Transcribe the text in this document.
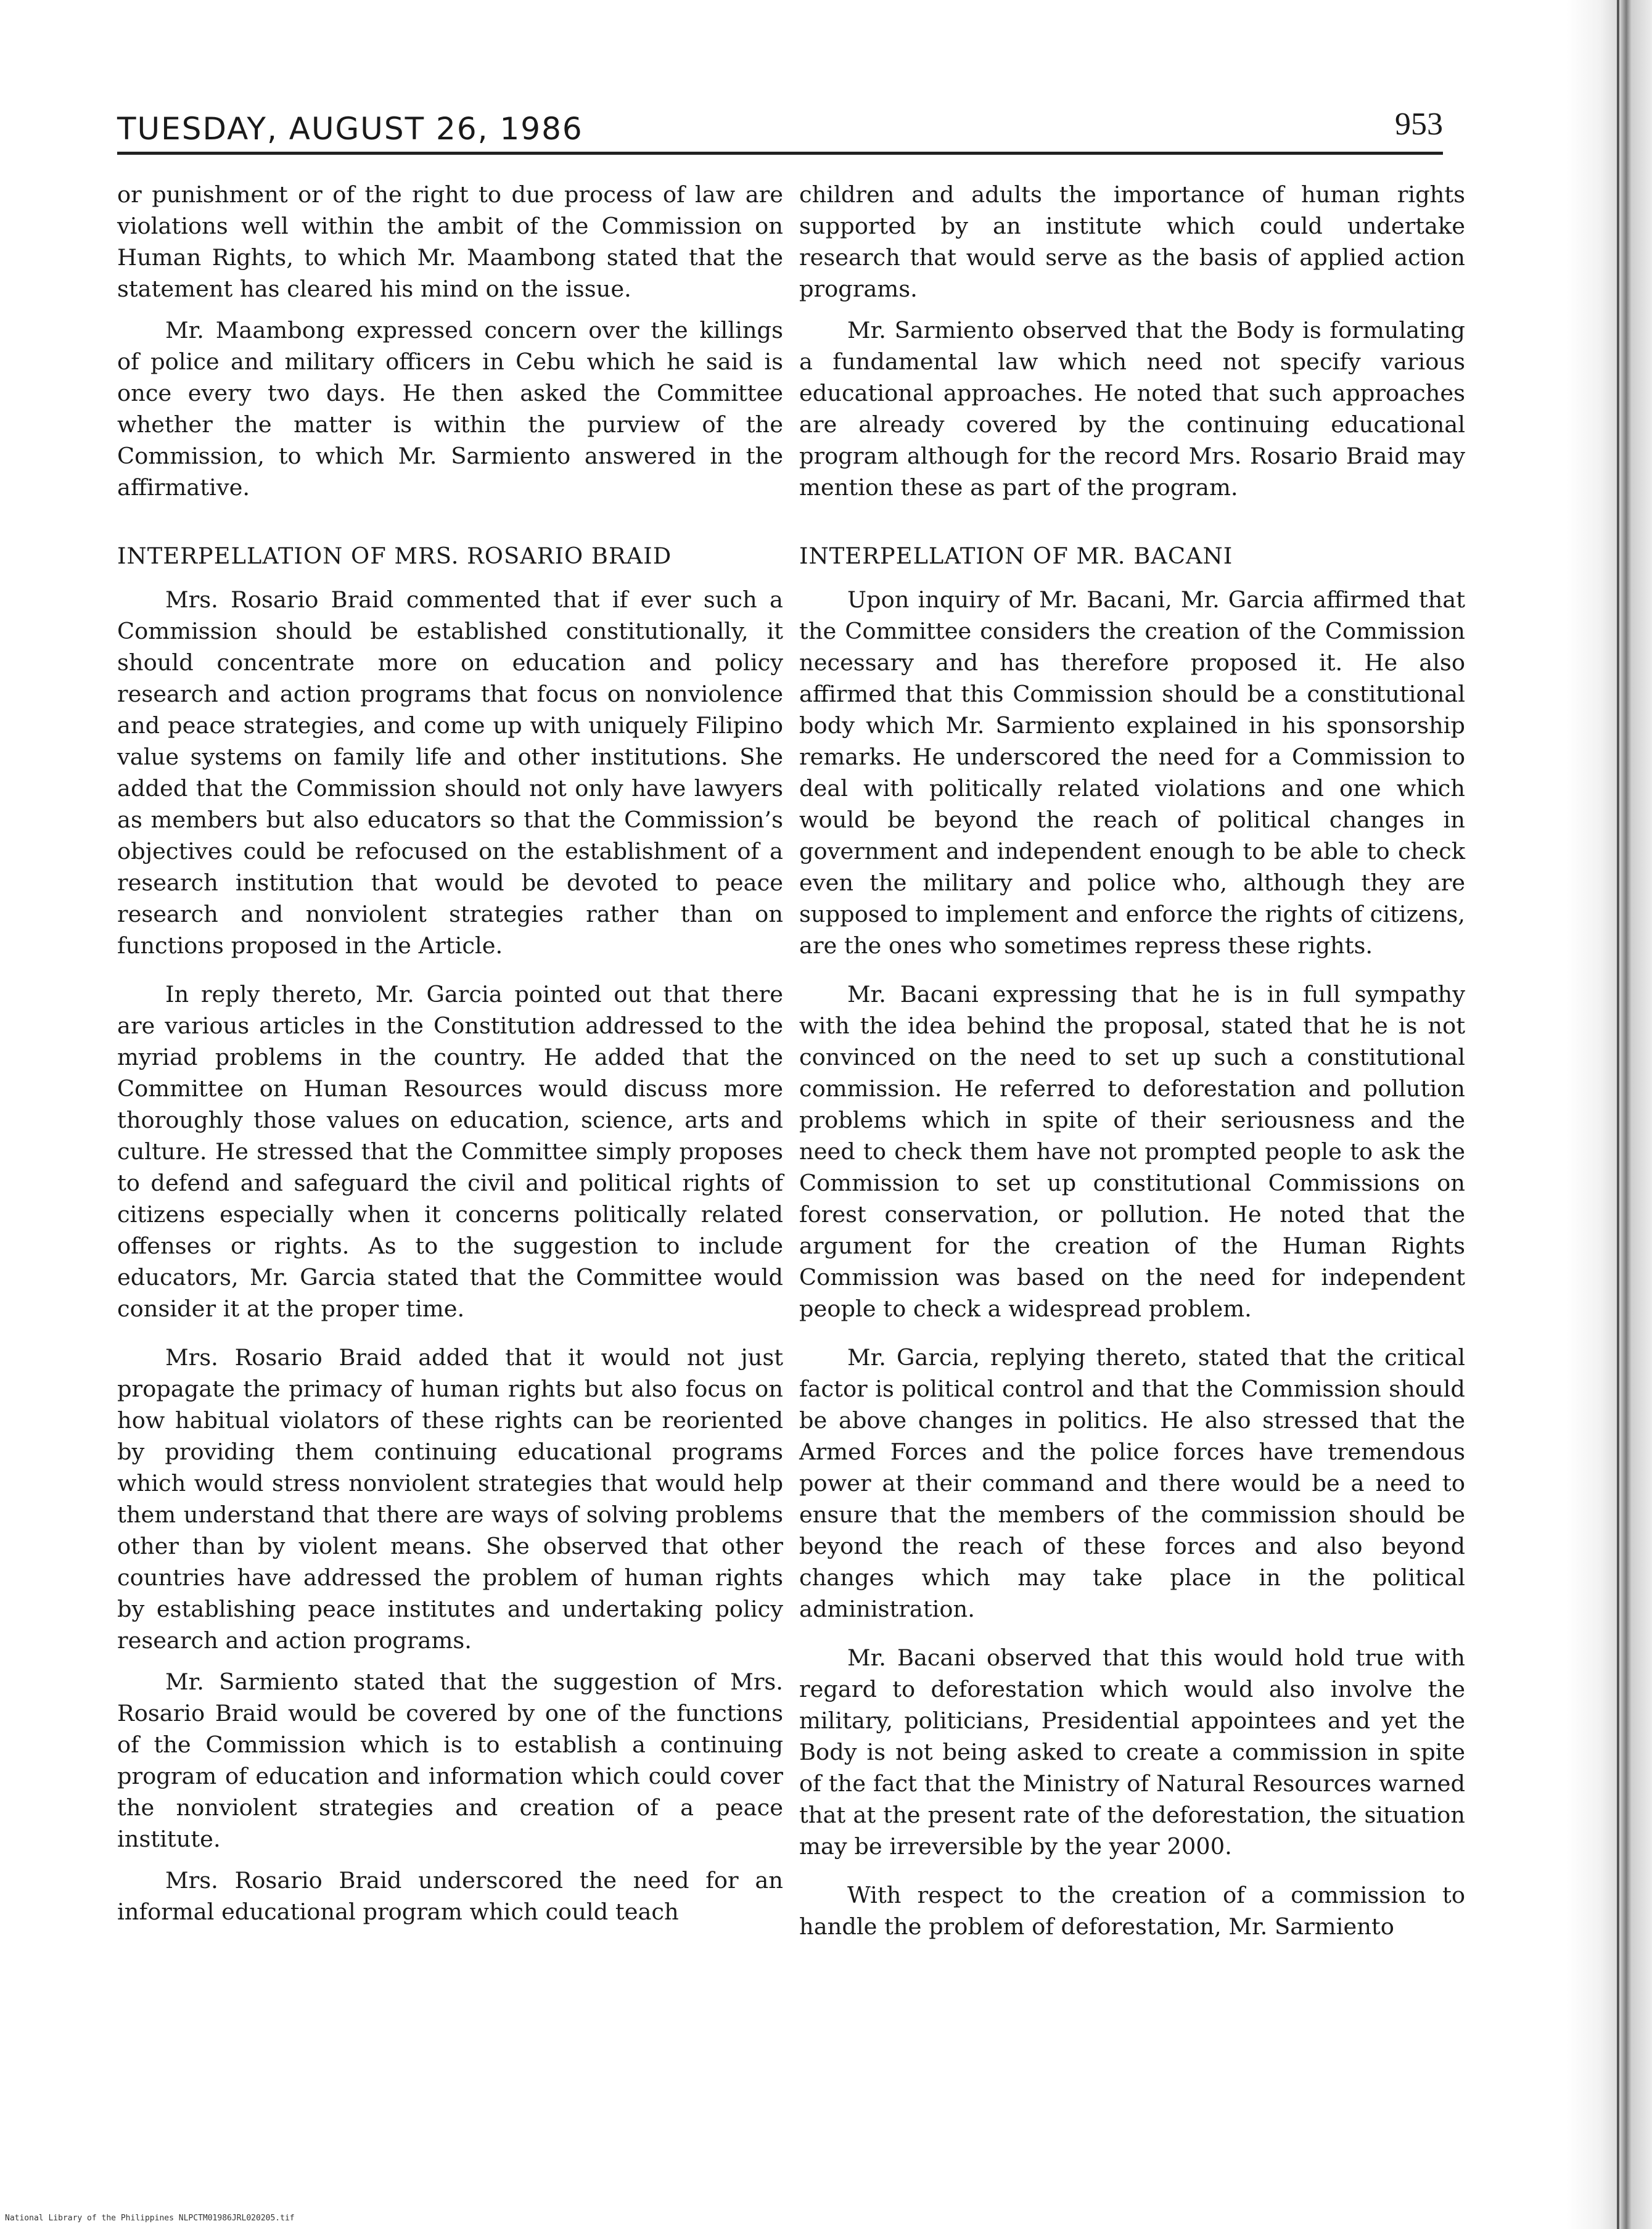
TUESDAY, AUGUST 26, 1986	953

or punishment or of the right to due process of law are violations well within the ambit of the Commission on Human Rights, to which Mr. Maambong stated that the statement has cleared his mind on the issue.

Mr. Maambong expressed concern over the killings of police and military officers in Cebu which he said is once every two days. He then asked the Committee whether the matter is within the purview of the Commission, to which Mr. Sarmiento answered in the affirmative.

INTERPELLATION OF MRS. ROSARIO BRAID

Mrs. Rosario Braid commented that if ever such a Commission should be established constitutionally, it should concentrate more on education and policy research and action programs that focus on nonviolence and peace strategies, and come up with uniquely Filipino value systems on family life and other institutions. She added that the Commission should not only have lawyers as members but also educators so that the Commission’s objectives could be refocused on the establishment of a research institution that would be devoted to peace research and nonviolent strategies rather than on functions proposed in the Article.

In reply thereto, Mr. Garcia pointed out that there are various articles in the Constitution addressed to the myriad problems in the country. He added that the Committee on Human Resources would discuss more thoroughly those values on education, science, arts and culture. He stressed that the Committee simply proposes to defend and safeguard the civil and political rights of citizens especially when it concerns politically related offenses or rights. As to the suggestion to include educators, Mr. Garcia stated that the Committee would consider it at the proper time.

Mrs. Rosario Braid added that it would not just propagate the primacy of human rights but also focus on how habitual violators of these rights can be reoriented by providing them continuing educational programs which would stress nonviolent strategies that would help them understand that there are ways of solving problems other than by violent means. She observed that other countries have addressed the problem of human rights by establishing peace institutes and undertaking policy research and action programs.

Mr. Sarmiento stated that the suggestion of Mrs. Rosario Braid would be covered by one of the functions of the Commission which is to establish a continuing program of education and information which could cover the nonviolent strategies and creation of a peace institute.

Mrs. Rosario Braid underscored the need for an informal educational program which could teach

children and adults the importance of human rights supported by an institute which could undertake research that would serve as the basis of applied action programs.

Mr. Sarmiento observed that the Body is formulating a fundamental law which need not specify various educational approaches. He noted that such approaches are already covered by the continuing educational program although for the record Mrs. Rosario Braid may mention these as part of the program.

INTERPELLATION OF MR. BACANI

Upon inquiry of Mr. Bacani, Mr. Garcia affirmed that the Committee considers the creation of the Commission necessary and has therefore proposed it. He also affirmed that this Commission should be a constitutional body which Mr. Sarmiento explained in his sponsorship remarks. He underscored the need for a Commission to deal with politically related violations and one which would be beyond the reach of political changes in government and independent enough to be able to check even the military and police who, although they are supposed to implement and enforce the rights of citizens, are the ones who sometimes repress these rights.

Mr. Bacani expressing that he is in full sympathy with the idea behind the proposal, stated that he is not convinced on the need to set up such a constitutional commission. He referred to deforestation and pollution problems which in spite of their seriousness and the need to check them have not prompted people to ask the Commission to set up constitutional Commissions on forest conservation, or pollution. He noted that the argument for the creation of the Human Rights Commission was based on the need for independent people to check a widespread problem.

Mr. Garcia, replying thereto, stated that the critical factor is political control and that the Commission should be above changes in politics. He also stressed that the Armed Forces and the police forces have tremendous power at their command and there would be a need to ensure that the members of the commission should be beyond the reach of these forces and also beyond changes which may take place in the political administration.

Mr. Bacani observed that this would hold true with regard to deforestation which would also involve the military, politicians, Presidential appointees and yet the Body is not being asked to create a commission in spite of the fact that the Ministry of Natural Resources warned that at the present rate of the deforestation, the situation may be irreversible by the year 2000.

With respect to the creation of a commission to handle the problem of deforestation, Mr. Sarmiento

National Library of the Philippines NLPCTM01986JRL020205.tif
